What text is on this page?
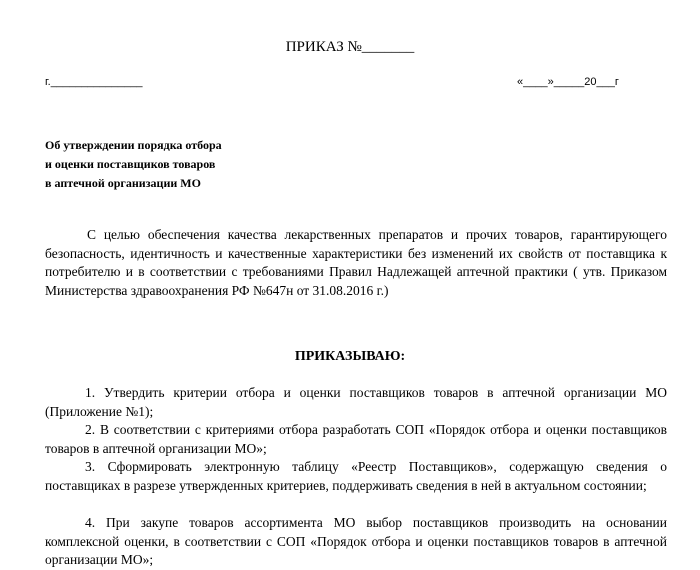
ПРИКАЗ №_______
г._______________	«____»_____20___г
Об утверждении порядка отбора
и оценки поставщиков товаров
в аптечной организации МО

С целью обеспечения качества лекарственных препаратов и прочих товаров, гарантирующего безопасность, идентичность и качественные характеристики без изменений их свойств от поставщика к потребителю и в соответствии с требованиями Правил Надлежащей аптечной практики ( утв. Приказом Министерства здравоохранения РФ №647н от 31.08.2016 г.)

ПРИКАЗЫВАЮ:

1. Утвердить критерии отбора и оценки поставщиков товаров в аптечной организации МО (Приложение №1);

2. В соответствии с критериями отбора разработать СОП «Порядок отбора и оценки поставщиков товаров в аптечной организации МО»;

3. Сформировать электронную таблицу «Реестр Поставщиков», содержащую сведения о поставщиках в разрезе утвержденных критериев, поддерживать сведения в ней в актуальном состоянии;

4. При закупе товаров ассортимента МО выбор поставщиков производить на основании комплексной оценки, в соответствии с СОП «Порядок отбора и оценки поставщиков товаров в аптечной организации МО»;
